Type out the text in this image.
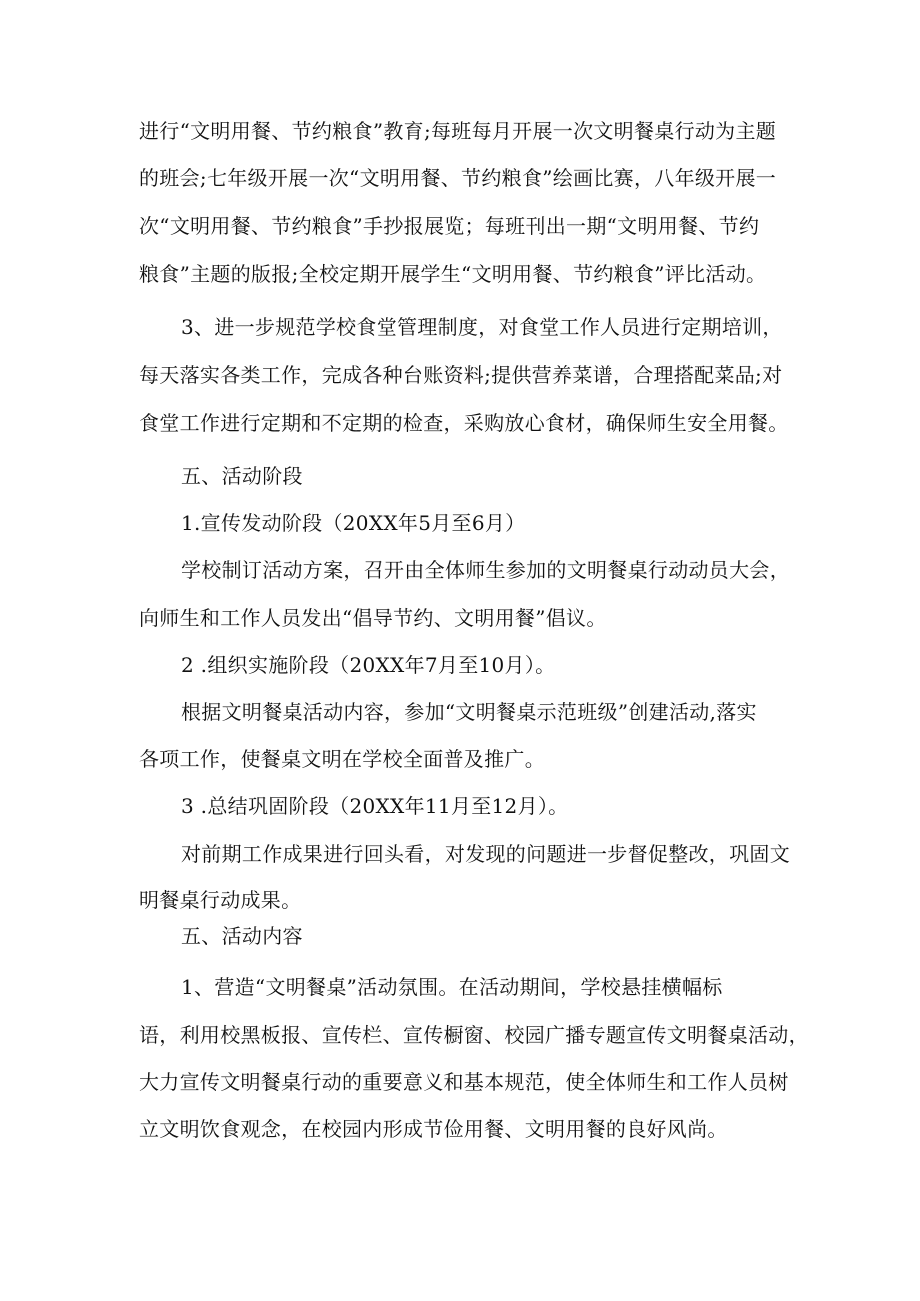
进行“文明用餐、节约粮食”教育;每班每月开展一次文明餐桌行动为主题
的班会;七年级开展一次“文明用餐、节约粮食”绘画比赛，八年级开展一
次“文明用餐、节约粮食”手抄报展览；每班刊出一期“文明用餐、节约
粮食”主题的版报;全校定期开展学生“文明用餐、节约粮食”评比活动。
3、进一步规范学校食堂管理制度，对食堂工作人员进行定期培训，
每天落实各类工作，完成各种台账资料;提供营养菜谱，合理搭配菜品;对
食堂工作进行定期和不定期的检查，采购放心食材，确保师生安全用餐。
五、活动阶段
1.宣传发动阶段（20XX年5月至6月）
学校制订活动方案，召开由全体师生参加的文明餐桌行动动员大会，
向师生和工作人员发出“倡导节约、文明用餐”倡议。
2 .组织实施阶段（20XX年7月至10月）。
根据文明餐桌活动内容，参加“文明餐桌示范班级”创建活动,落实
各项工作，使餐桌文明在学校全面普及推广。
3 .总结巩固阶段（20XX年11月至12月）。
对前期工作成果进行回头看，对发现的问题进一步督促整改，巩固文
明餐桌行动成果。
五、活动内容
1、营造“文明餐桌”活动氛围。在活动期间，学校悬挂横幅标
语，利用校黑板报、宣传栏、宣传橱窗、校园广播专题宣传文明餐桌活动，
大力宣传文明餐桌行动的重要意义和基本规范，使全体师生和工作人员树
立文明饮食观念，在校园内形成节俭用餐、文明用餐的良好风尚。
